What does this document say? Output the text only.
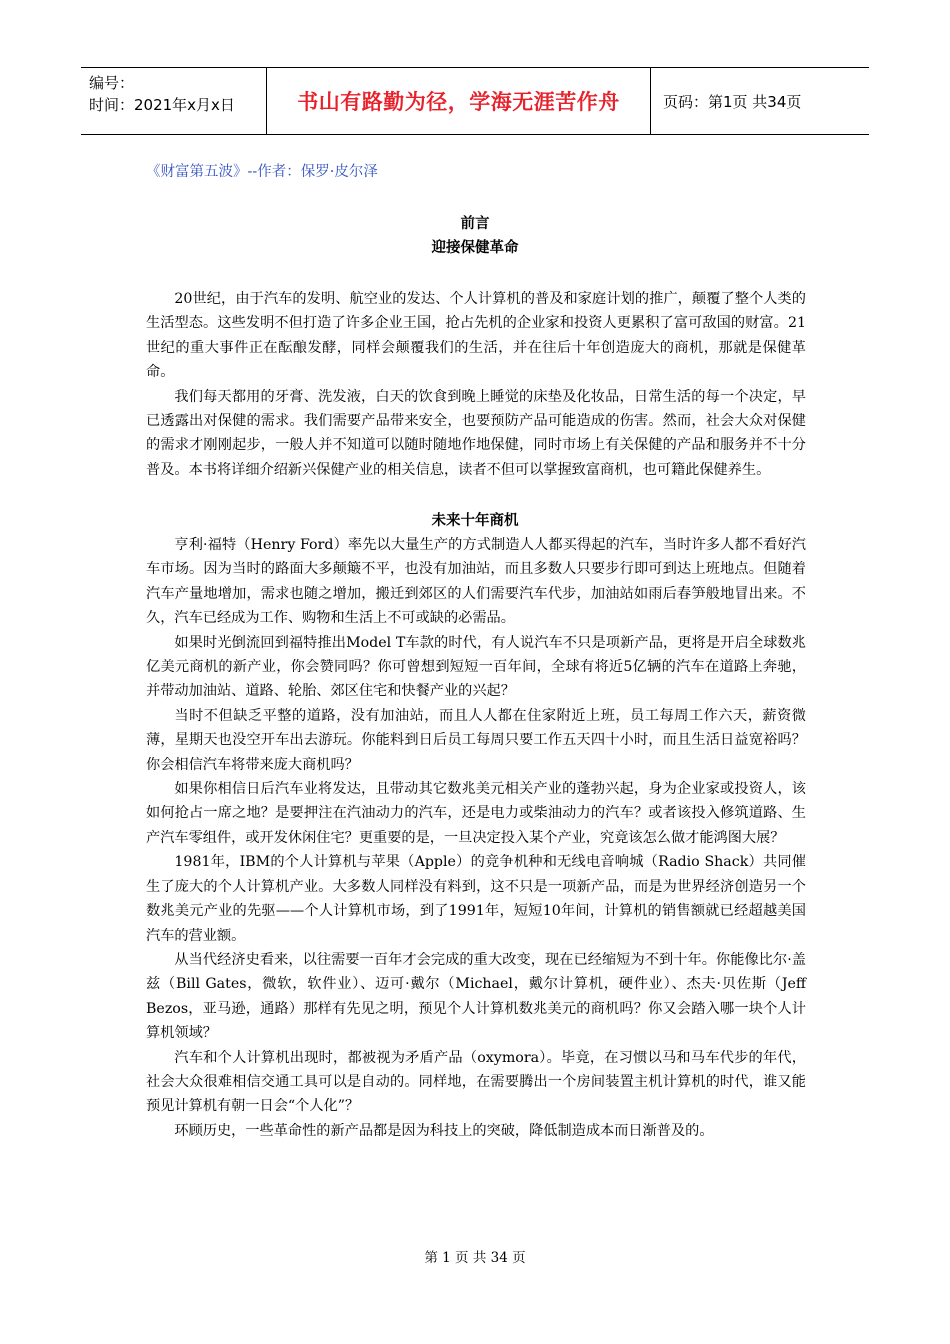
编号：
时间：2021年x月x日	书山有路勤为径，学海无涯苦作舟	页码：第1页 共34页
《财富第五波》--作者：保罗·皮尔泽
前言
迎接保健革命

20世纪，由于汽车的发明、航空业的发达、个人计算机的普及和家庭计划的推广，颠覆了整个人类的生活型态。这些发明不但打造了许多企业王国，抢占先机的企业家和投资人更累积了富可敌国的财富。21世纪的重大事件正在酝酿发酵，同样会颠覆我们的生活，并在往后十年创造庞大的商机，那就是保健革命。

我们每天都用的牙膏、洗发液，白天的饮食到晚上睡觉的床垫及化妆品，日常生活的每一个决定，早已透露出对保健的需求。我们需要产品带来安全，也要预防产品可能造成的伤害。然而，社会大众对保健的需求才刚刚起步，一般人并不知道可以随时随地作地保健，同时市场上有关保健的产品和服务并不十分普及。本书将详细介绍新兴保健产业的相关信息，读者不但可以掌握致富商机，也可籍此保健养生。

未来十年商机

亨利·福特（Henry Ford）率先以大量生产的方式制造人人都买得起的汽车，当时许多人都不看好汽车市场。因为当时的路面大多颠簸不平，也没有加油站，而且多数人只要步行即可到达上班地点。但随着汽车产量地增加，需求也随之增加，搬迁到郊区的人们需要汽车代步，加油站如雨后春笋般地冒出来。不久，汽车已经成为工作、购物和生活上不可或缺的必需品。

如果时光倒流回到福特推出Model T车款的时代，有人说汽车不只是项新产品，更将是开启全球数兆亿美元商机的新产业，你会赞同吗？你可曾想到短短一百年间，全球有将近5亿辆的汽车在道路上奔驰，并带动加油站、道路、轮胎、郊区住宅和快餐产业的兴起？

当时不但缺乏平整的道路，没有加油站，而且人人都在住家附近上班，员工每周工作六天，薪资微薄，星期天也没空开车出去游玩。你能料到日后员工每周只要工作五天四十小时，而且生活日益宽裕吗？你会相信汽车将带来庞大商机吗？

如果你相信日后汽车业将发达，且带动其它数兆美元相关产业的蓬勃兴起，身为企业家或投资人，该如何抢占一席之地？是要押注在汽油动力的汽车，还是电力或柴油动力的汽车？或者该投入修筑道路、生产汽车零组件，或开发休闲住宅？更重要的是，一旦决定投入某个产业，究竟该怎么做才能鸿图大展？

1981年，IBM的个人计算机与苹果（Apple）的竞争机种和无线电音响城（Radio Shack）共同催生了庞大的个人计算机产业。大多数人同样没有料到，这不只是一项新产品，而是为世界经济创造另一个数兆美元产业的先驱——个人计算机市场，到了1991年，短短10年间，计算机的销售额就已经超越美国汽车的营业额。

从当代经济史看来，以往需要一百年才会完成的重大改变，现在已经缩短为不到十年。你能像比尔·盖兹（Bill Gates，微软，软件业）、迈可·戴尔（Michael，戴尔计算机，硬件业）、杰夫·贝佐斯（Jeff Bezos，亚马逊，通路）那样有先见之明，预见个人计算机数兆美元的商机吗？你又会踏入哪一块个人计算机领域？

汽车和个人计算机出现时，都被视为矛盾产品（oxymora）。毕竟，在习惯以马和马车代步的年代，社会大众很难相信交通工具可以是自动的。同样地，在需要腾出一个房间装置主机计算机的时代，谁又能预见计算机有朝一日会“个人化”？

环顾历史，一些革命性的新产品都是因为科技上的突破，降低制造成本而日渐普及的。

第 1 页 共 34 页
